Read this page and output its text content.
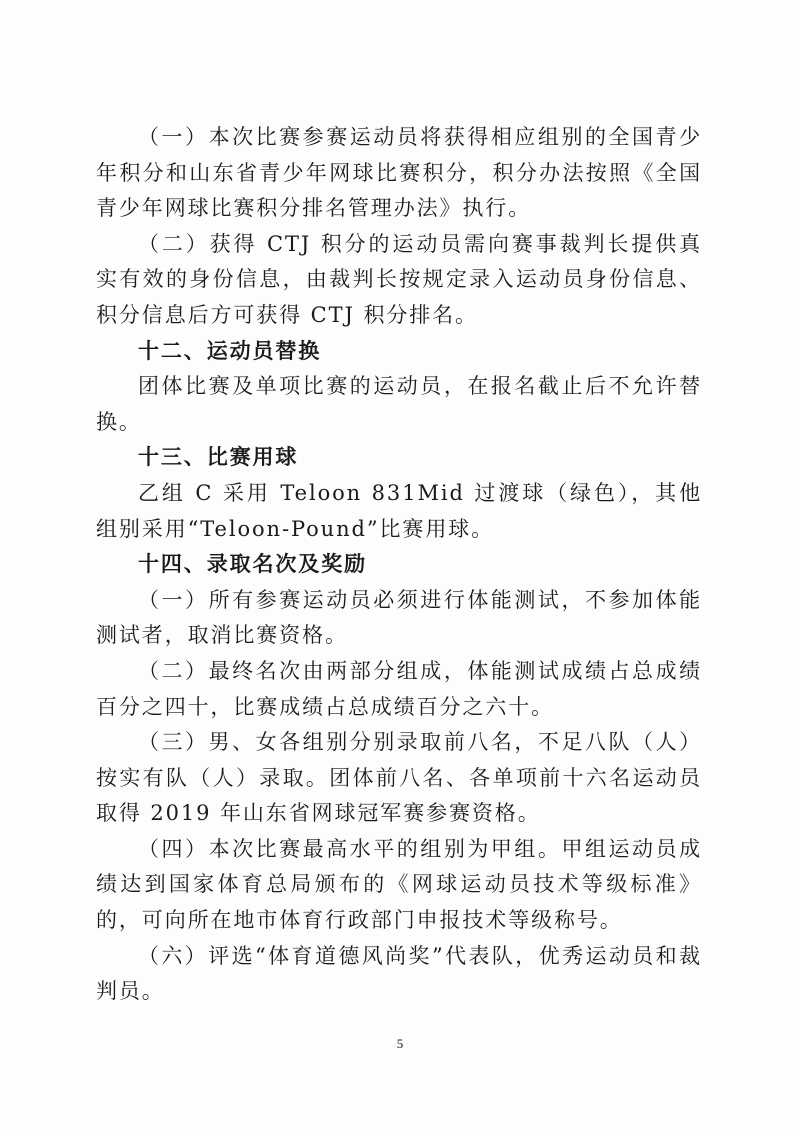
（一）本次比赛参赛运动员将获得相应组别的全国青少年积分和山东省青少年网球比赛积分，积分办法按照《全国青少年网球比赛积分排名管理办法》执行。

（二）获得 CTJ 积分的运动员需向赛事裁判长提供真实有效的身份信息，由裁判长按规定录入运动员身份信息、积分信息后方可获得 CTJ 积分排名。

十二、运动员替换

团体比赛及单项比赛的运动员，在报名截止后不允许替换。

十三、比赛用球

乙组 C 采用 Teloon 831Mid 过渡球（绿色），其他组别采用“Teloon-Pound”比赛用球。

十四、录取名次及奖励

（一）所有参赛运动员必须进行体能测试，不参加体能测试者，取消比赛资格。

（二）最终名次由两部分组成，体能测试成绩占总成绩百分之四十，比赛成绩占总成绩百分之六十。

（三）男、女各组别分别录取前八名，不足八队（人）按实有队（人）录取。团体前八名、各单项前十六名运动员取得 2019 年山东省网球冠军赛参赛资格。

（四）本次比赛最高水平的组别为甲组。甲组运动员成绩达到国家体育总局颁布的《网球运动员技术等级标准》的，可向所在地市体育行政部门申报技术等级称号。

（六）评选“体育道德风尚奖”代表队，优秀运动员和裁判员。

5
